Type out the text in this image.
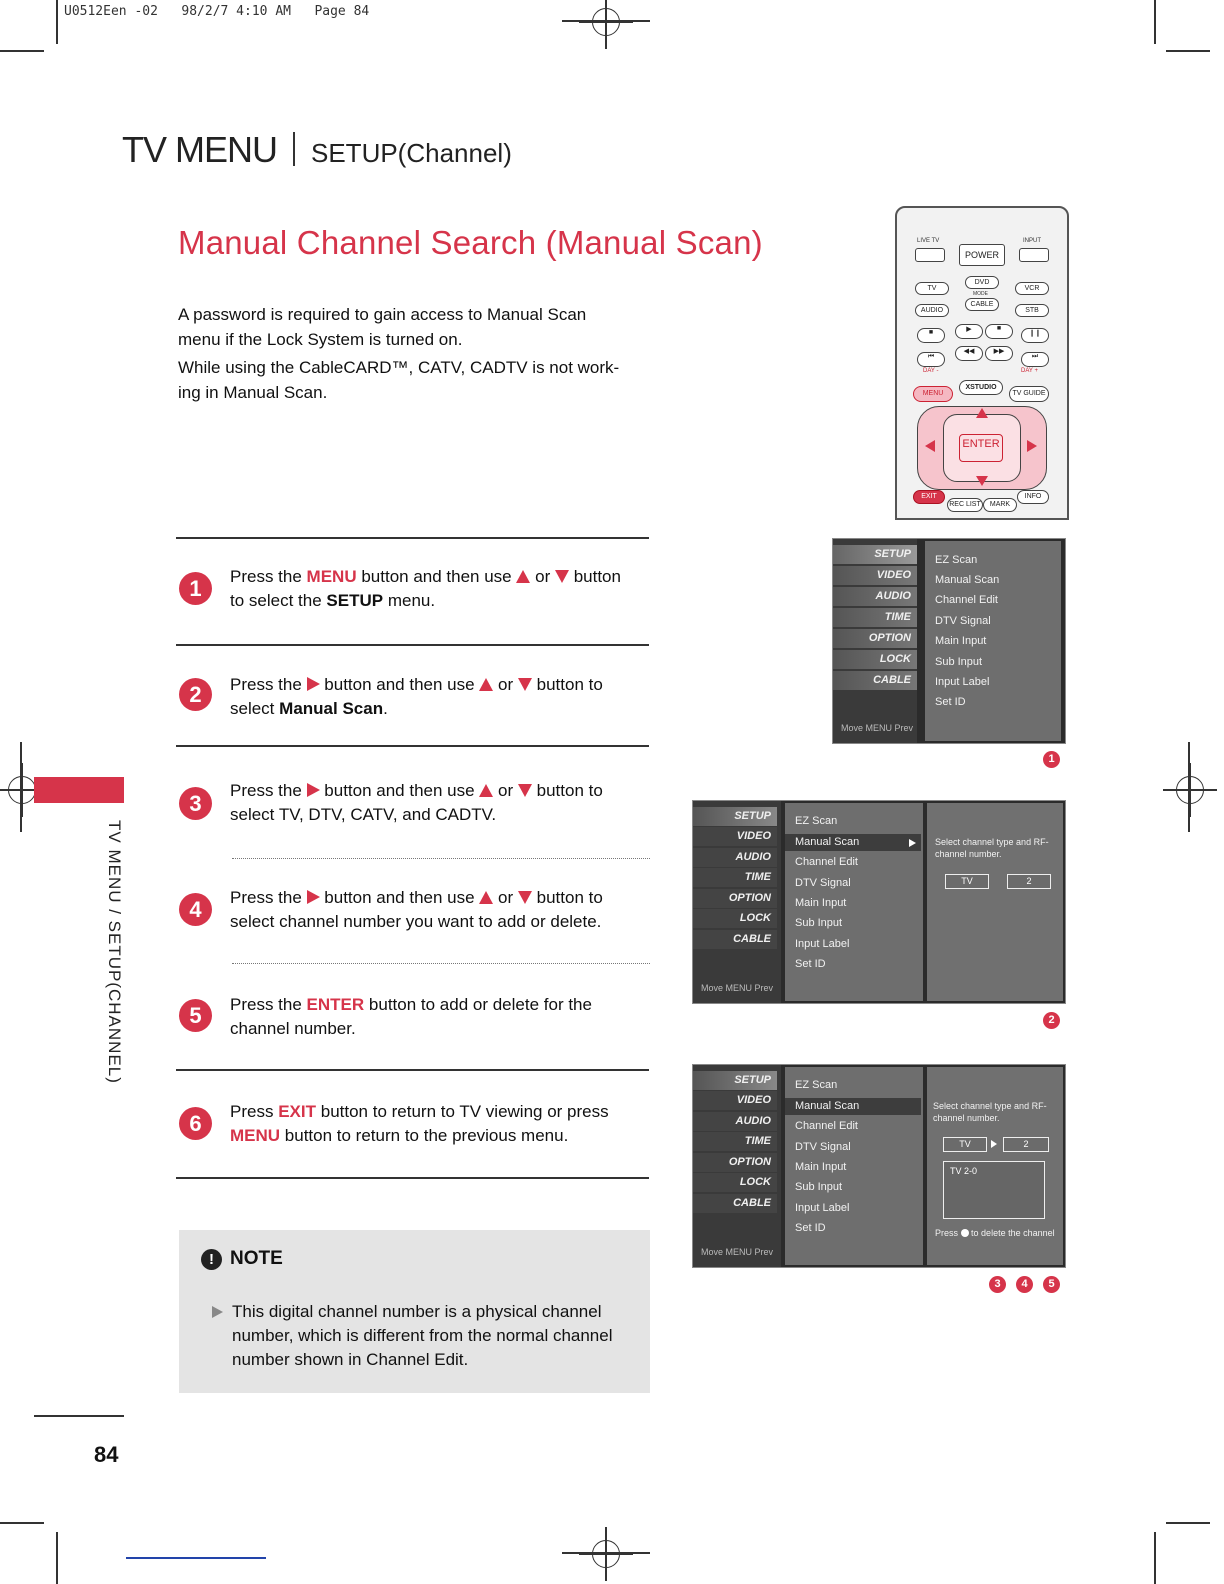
U0512Een -02   98/2/7 4:10 AM   Page 84
TV MENU SETUP(Channel)
TV MENU / SETUP(CHANNEL)
Manual Channel Search (Manual Scan)
A password is required to gain access to Manual Scan
menu if the Lock System is turned on.
While using the CableCARD™, CATV, CADTV is not work-
ing in Manual Scan.
1	Press the MENU button and then use or button
to select the SETUP menu.
2	Press the button and then use or button to
select Manual Scan.
3
Press the button and then use or button to
select TV, DTV, CATV, and CADTV.
4	Press the button and then use or button to
select channel number you want to add or delete.
5	Press the ENTER button to add or delete for the
channel number.
6	Press EXIT button to return to TV viewing or press
MENU button to return to the previous menu.
! NOTE
This digital channel number is a physical channel
number, which is different from the normal channel
number shown in Channel Edit.
84
LIVE TV	INPUT
POWER
TV
DVD
VCR
MODE
AUDIO
CABLE
STB
■	▶	■
❙❙
⏮
◀◀	▶▶
⏭
DAY -	DAY +
MENU
XSTUDIO
TV GUIDE
ENTER
EXIT
REC LIST	MARK
INFO
SETUP
VIDEO
AUDIO
TIME
OPTION
LOCK
CABLE
Move MENU Prev
EZ Scan
Manual Scan
Channel Edit
DTV Signal
Main Input
Sub Input
Input Label
Set ID
1
SETUP
VIDEO
AUDIO
TIME
OPTION
LOCK
CABLE
Move MENU Prev
EZ Scan
Manual Scan
Channel Edit
DTV Signal
Main Input
Sub Input
Input Label
Set ID
Select channel type and RF-channel number.
TV	2
2
SETUP
VIDEO
AUDIO
TIME
OPTION
LOCK
CABLE
Move MENU Prev
EZ Scan
Manual Scan
Channel Edit
DTV Signal
Main Input
Sub Input
Input Label
Set ID
Select channel type and RF-channel number.
TV	2
TV 2-0
Press to delete the channel
3	4	5
